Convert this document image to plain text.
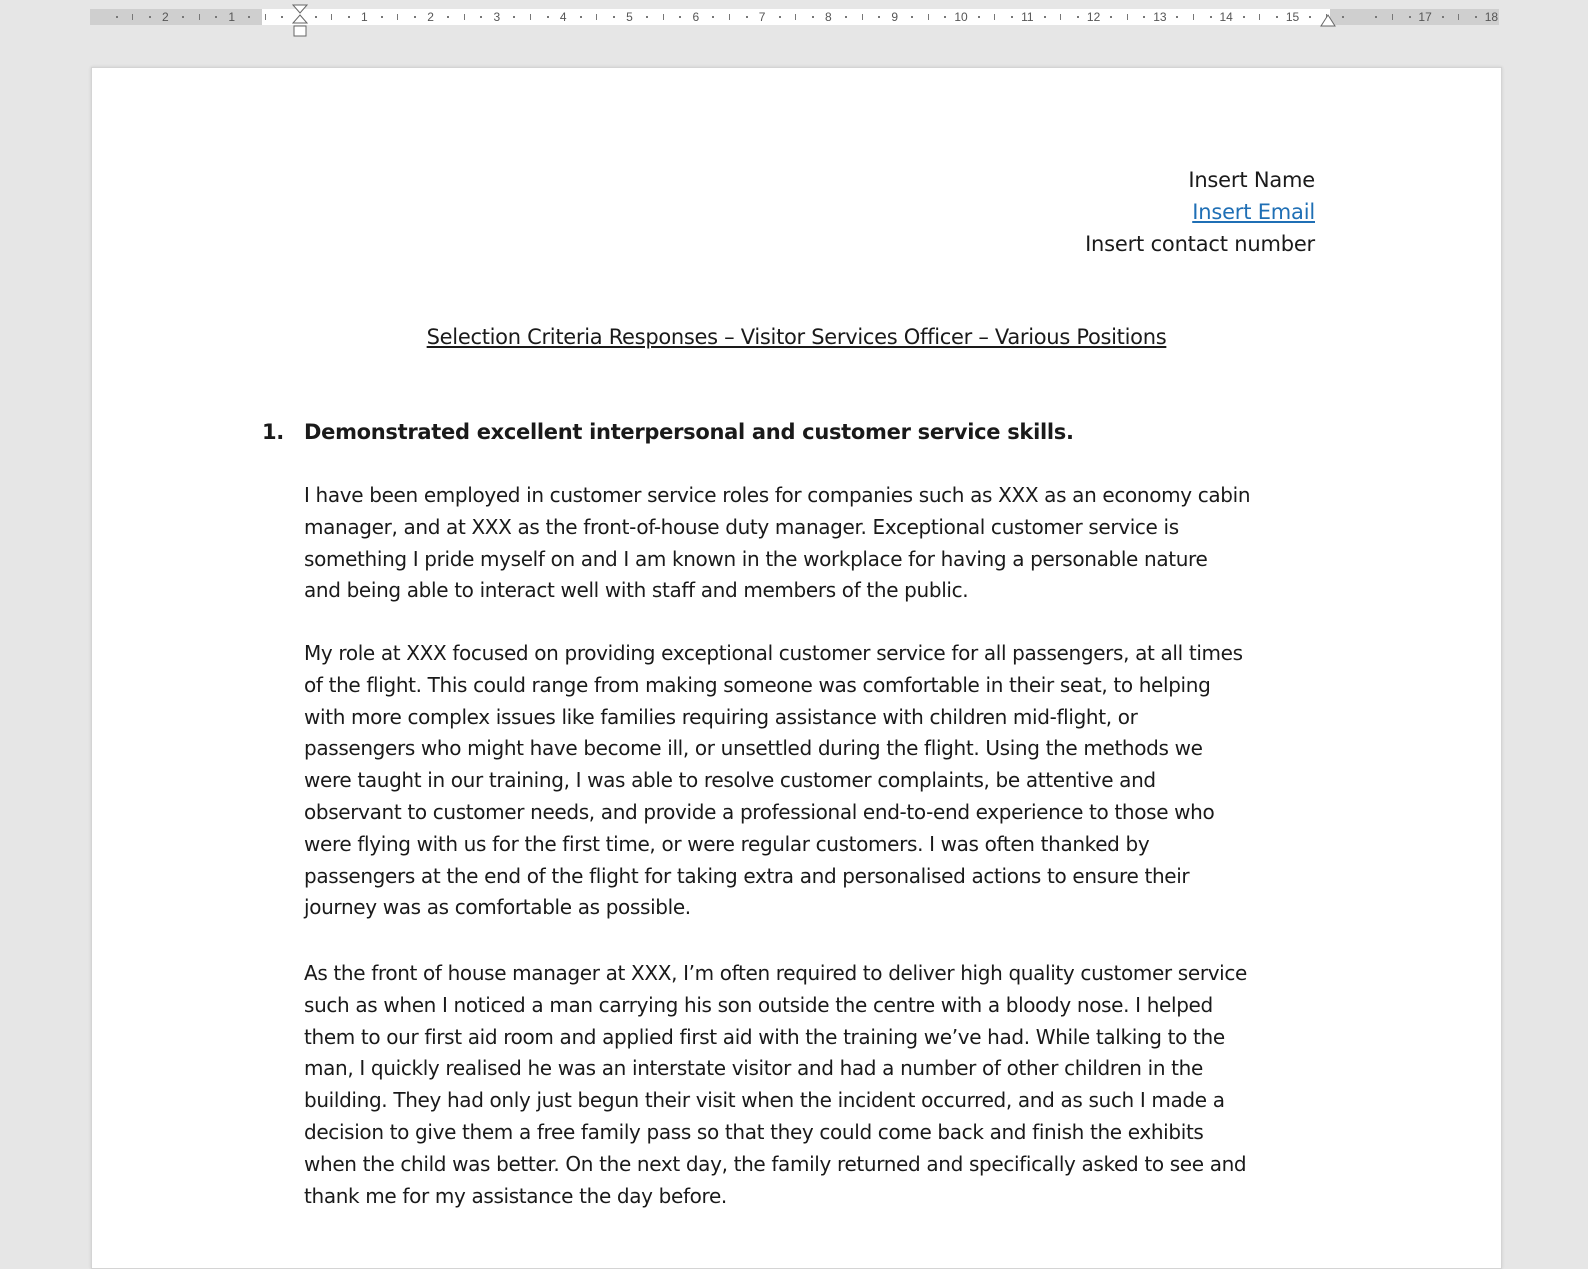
2	1	1	2	3	4	5	6	7	8	9	10	11	12	13	14	15	17	18
Insert Name
Insert Email
Insert contact number
Selection Criteria Responses – Visitor Services Officer – Various Positions
1. Demonstrated excellent interpersonal and customer service skills.
I have been employed in customer service roles for companies such as XXX as an economy cabin
manager, and at XXX as the front-of-house duty manager. Exceptional customer service is
something I pride myself on and I am known in the workplace for having a personable nature
and being able to interact well with staff and members of the public.
My role at XXX focused on providing exceptional customer service for all passengers, at all times
of the flight. This could range from making someone was comfortable in their seat, to helping
with more complex issues like families requiring assistance with children mid-flight, or
passengers who might have become ill, or unsettled during the flight. Using the methods we
were taught in our training, I was able to resolve customer complaints, be attentive and
observant to customer needs, and provide a professional end-to-end experience to those who
were flying with us for the first time, or were regular customers. I was often thanked by
passengers at the end of the flight for taking extra and personalised actions to ensure their
journey was as comfortable as possible.
As the front of house manager at XXX, I’m often required to deliver high quality customer service
such as when I noticed a man carrying his son outside the centre with a bloody nose. I helped
them to our first aid room and applied first aid with the training we’ve had. While talking to the
man, I quickly realised he was an interstate visitor and had a number of other children in the
building. They had only just begun their visit when the incident occurred, and as such I made a
decision to give them a free family pass so that they could come back and finish the exhibits
when the child was better. On the next day, the family returned and specifically asked to see and
thank me for my assistance the day before.
